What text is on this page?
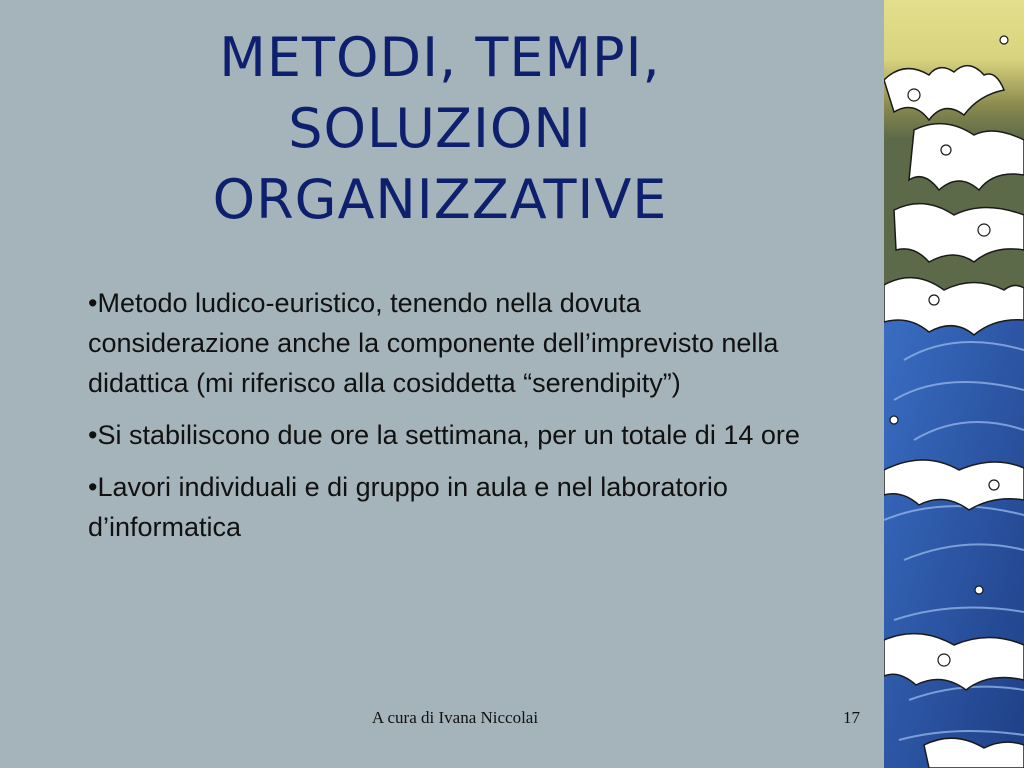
METODI, TEMPI,
SOLUZIONI
ORGANIZZATIVE
•Metodo ludico-euristico, tenendo nella dovuta considerazione anche la componente dell’imprevisto nella didattica (mi riferisco alla cosiddetta “serendipity”)
•Si stabiliscono due ore la settimana, per un totale di 14 ore
•Lavori individuali e di gruppo in aula e nel laboratorio d’informatica
A cura di Ivana Niccolai	17
